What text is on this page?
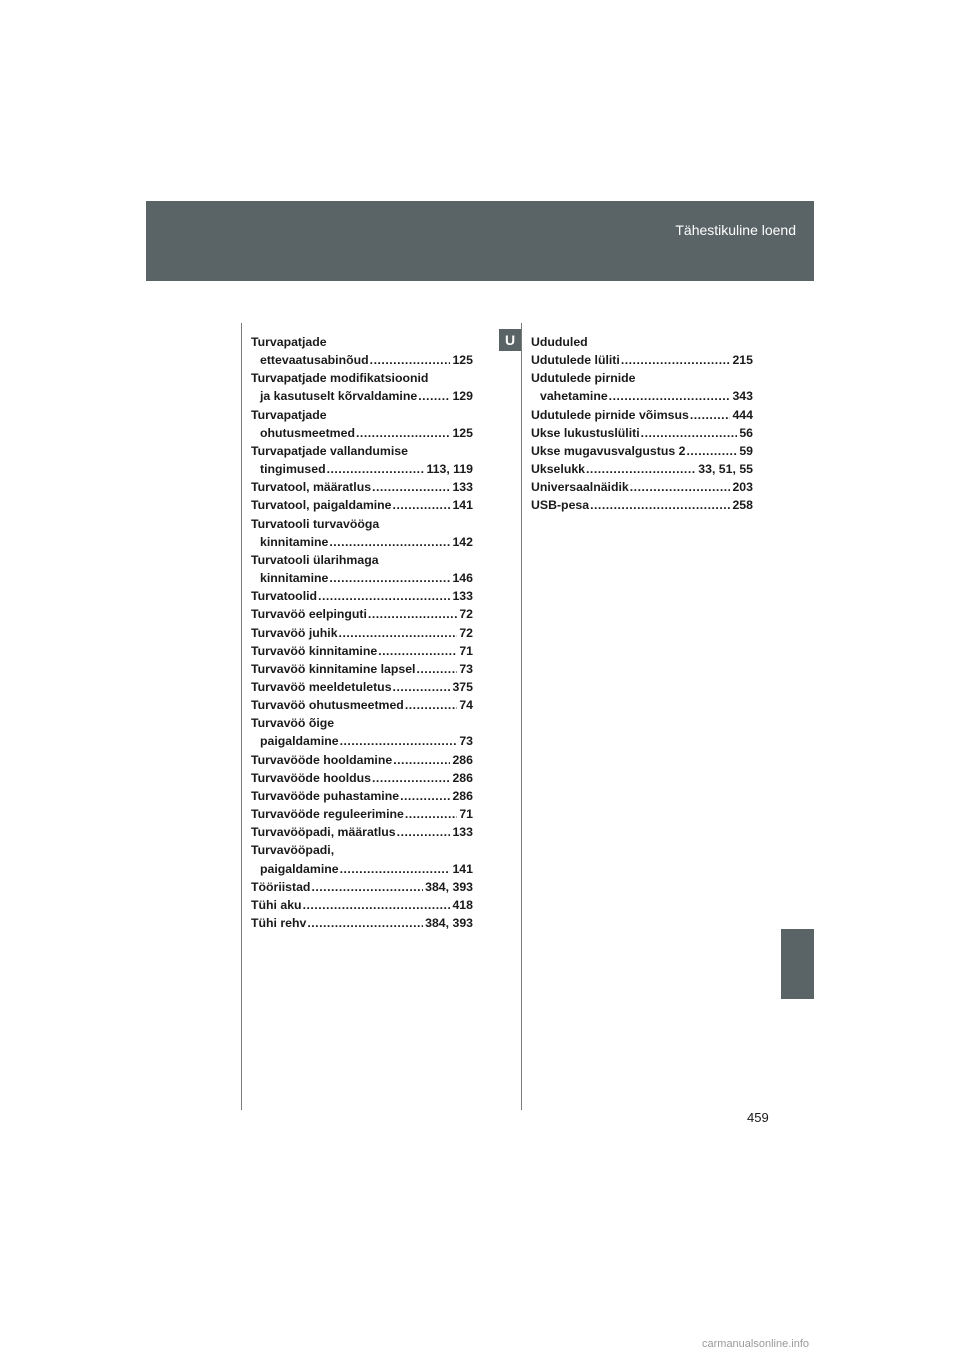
Tähestikuline loend
U
Turvapatjade
ettevaatusabinõud .....	125
Turvapatjade modifikatsioonid
ja kasutuselt kõrvaldamine .....	129
Turvapatjade
ohutusmeetmed .....	125
Turvapatjade vallandumise
tingimused .....	113, 119
Turvatool, määratlus .....	133
Turvatool, paigaldamine .....	141
Turvatooli turvavööga
kinnitamine .....	142
Turvatooli ülarihmaga
kinnitamine .....	146
Turvatoolid .....	133
Turvavöö eelpinguti .....	72
Turvavöö juhik .....	72
Turvavöö kinnitamine .....	71
Turvavöö kinnitamine lapsel .....	73
Turvavöö meeldetuletus .....	375
Turvavöö ohutusmeetmed .....	74
Turvavöö õige
paigaldamine .....	73
Turvavööde hooldamine .....	286
Turvavööde hooldus .....	286
Turvavööde puhastamine .....	286
Turvavööde reguleerimine .....	71
Turvavööpadi, määratlus .....	133
Turvavööpadi,
paigaldamine .....	141
Tööriistad .....	384, 393
Tühi aku .....	418
Tühi rehv .....	384, 393
Ududuled
Udutulede lüliti .....	215
Udutulede pirnide
vahetamine .....	343
Udutulede pirnide võimsus .....	444
Ukse lukustuslüliti .....	56
Ukse mugavusvalgustus 2 .....	59
Ukselukk .....	33, 51, 55
Universaalnäidik .....	203
USB-pesa .....	258
459
carmanualsonline.info
